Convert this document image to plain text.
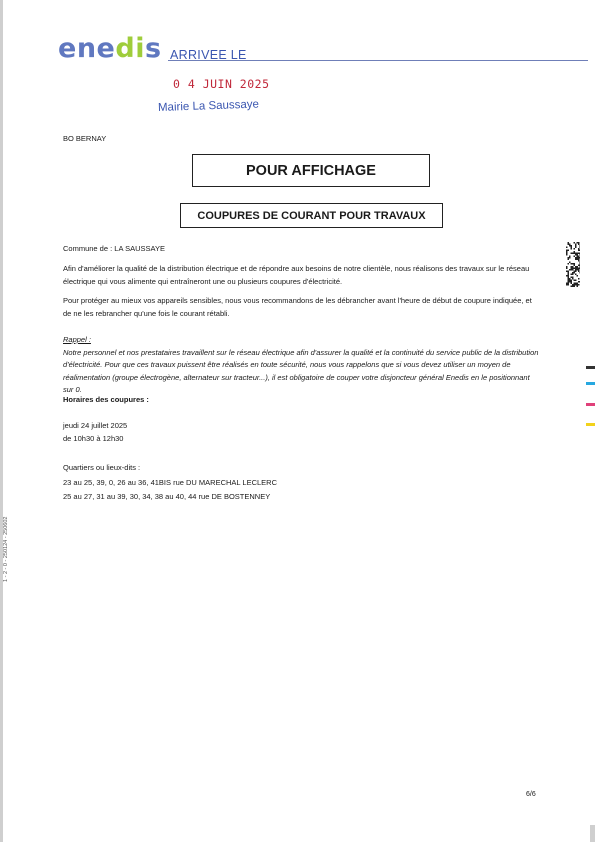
enedis ARRIVEE LE
0 4 JUIN 2025
Mairie La Saussaye
BO BERNAY
POUR AFFICHAGE
COUPURES DE COURANT POUR TRAVAUX
Commune de : LA SAUSSAYE
Afin d'améliorer la qualité de la distribution électrique et de répondre aux besoins de notre clientèle, nous réalisons des travaux sur le réseau électrique qui vous alimente qui entraîneront une ou plusieurs coupures d'électricité.
Pour protéger au mieux vos appareils sensibles, nous vous recommandons de les débrancher avant l'heure de début de coupure indiquée, et de ne les rebrancher qu'une fois le courant rétabli.
Rappel :
Notre personnel et nos prestataires travaillent sur le réseau électrique afin d'assurer la qualité et la continuité du service public de la distribution d'électricité. Pour que ces travaux puissent être réalisés en toute sécurité, nous vous rappelons que si vous devez utiliser un moyen de réalimentation (groupe électrogène, alternateur sur tracteur...), il est obligatoire de couper votre disjoncteur général Enedis en le positionnant sur 0.
Horaires des coupures :
jeudi 24 juillet 2025
de 10h30 à 12h30
Quartiers ou lieux-dits :
23 au 25, 39, 0, 26 au 36, 41BIS rue DU MARECHAL LECLERC
25 au 27, 31 au 39, 30, 34, 38 au 40, 44 rue DE BOSTENNEY
1 - 2 - 0 - 250124 - 250602
6/6
